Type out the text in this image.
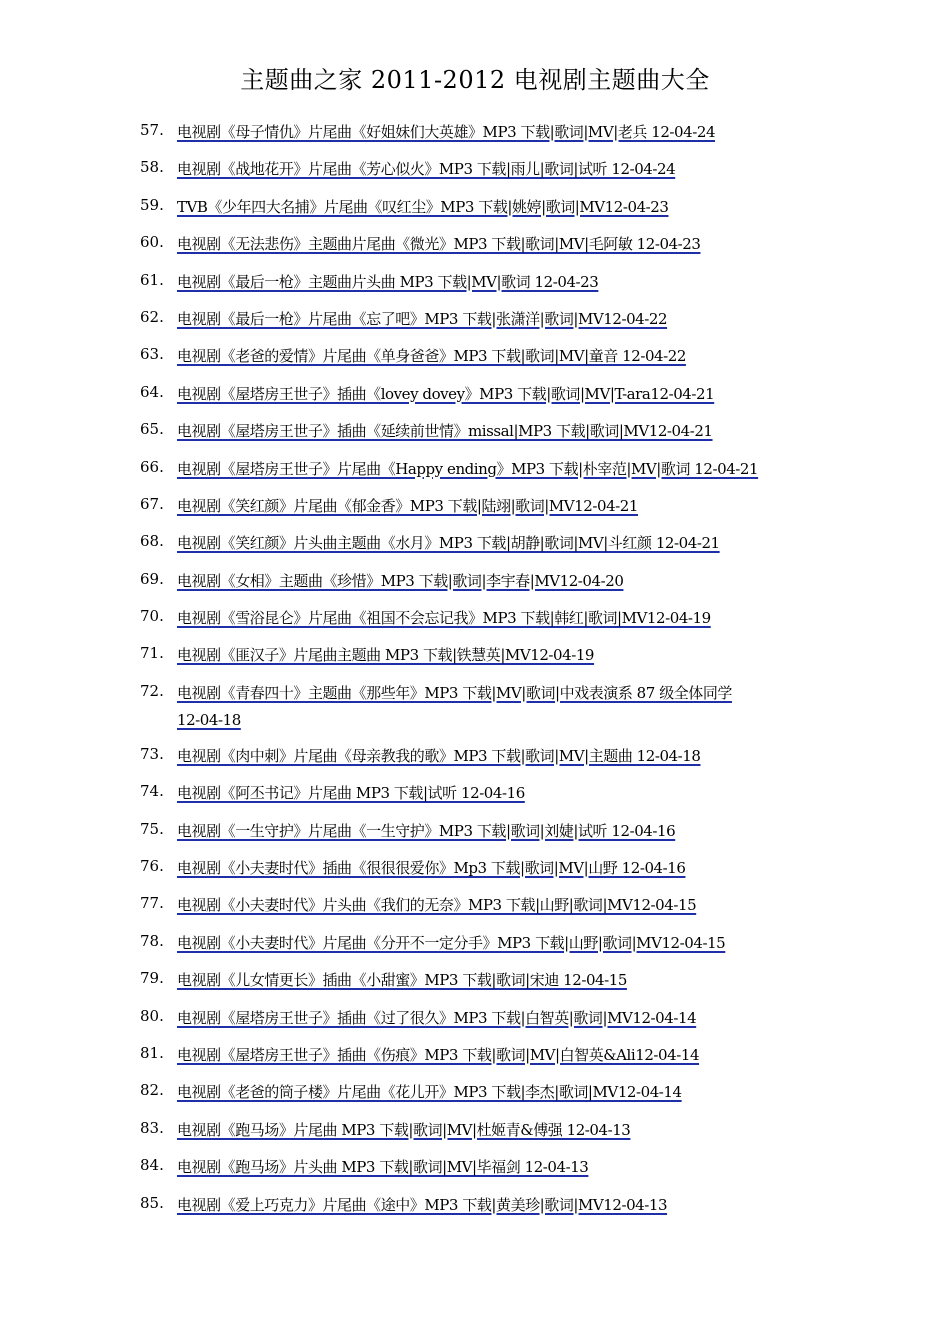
主题曲之家 2011-2012 电视剧主题曲大全
57. 电视剧《母子情仇》片尾曲《好姐妹们大英雄》MP3 下载|歌词|MV|老兵 12-04-24
58. 电视剧《战地花开》片尾曲《芳心似火》MP3 下载|雨儿|歌词|试听 12-04-24
59. TVB《少年四大名捕》片尾曲《叹红尘》MP3 下载|姚婷|歌词|MV12-04-23
60. 电视剧《无法悲伤》主题曲片尾曲《微光》MP3 下载|歌词|MV|毛阿敏 12-04-23
61. 电视剧《最后一枪》主题曲片头曲 MP3 下载|MV|歌词 12-04-23
62. 电视剧《最后一枪》片尾曲《忘了吧》MP3 下载|张潇洋|歌词|MV12-04-22
63. 电视剧《老爸的爱情》片尾曲《单身爸爸》MP3 下载|歌词|MV|童音 12-04-22
64. 电视剧《屋塔房王世子》插曲《lovey dovey》MP3 下载|歌词|MV|T-ara12-04-21
65. 电视剧《屋塔房王世子》插曲《延续前世情》missal|MP3 下载|歌词|MV12-04-21
66. 电视剧《屋塔房王世子》片尾曲《Happy ending》MP3 下载|朴宰范|MV|歌词 12-04-21
67. 电视剧《笑红颜》片尾曲《郁金香》MP3 下载|陆翊|歌词|MV12-04-21
68. 电视剧《笑红颜》片头曲主题曲《水月》MP3 下载|胡静|歌词|MV|斗红颜 12-04-21
69. 电视剧《女相》主题曲《珍惜》MP3 下载|歌词|李宇春|MV12-04-20
70. 电视剧《雪浴昆仑》片尾曲《祖国不会忘记我》MP3 下载|韩红|歌词|MV12-04-19
71. 电视剧《匪汉子》片尾曲主题曲 MP3 下载|铁慧英|MV12-04-19
72. 电视剧《青春四十》主题曲《那些年》MP3 下载|MV|歌词|中戏表演系 87 级全体同学
12-04-18
73. 电视剧《肉中刺》片尾曲《母亲教我的歌》MP3 下载|歌词|MV|主题曲 12-04-18
74. 电视剧《阿丕书记》片尾曲 MP3 下载|试听 12-04-16
75. 电视剧《一生守护》片尾曲《一生守护》MP3 下载|歌词|刘婕|试听 12-04-16
76. 电视剧《小夫妻时代》插曲《很很很爱你》Mp3 下载|歌词|MV|山野 12-04-16
77. 电视剧《小夫妻时代》片头曲《我们的无奈》MP3 下载|山野|歌词|MV12-04-15
78. 电视剧《小夫妻时代》片尾曲《分开不一定分手》MP3 下载|山野|歌词|MV12-04-15
79. 电视剧《儿女情更长》插曲《小甜蜜》MP3 下载|歌词|宋迪 12-04-15
80. 电视剧《屋塔房王世子》插曲《过了很久》MP3 下载|白智英|歌词|MV12-04-14
81. 电视剧《屋塔房王世子》插曲《伤痕》MP3 下载|歌词|MV|白智英&Ali12-04-14
82. 电视剧《老爸的筒子楼》片尾曲《花儿开》MP3 下载|李杰|歌词|MV12-04-14
83. 电视剧《跑马场》片尾曲 MP3 下载|歌词|MV|杜姬青&傅强 12-04-13
84. 电视剧《跑马场》片头曲 MP3 下载|歌词|MV|毕福剑 12-04-13
85. 电视剧《爱上巧克力》片尾曲《途中》MP3 下载|黄美珍|歌词|MV12-04-13
